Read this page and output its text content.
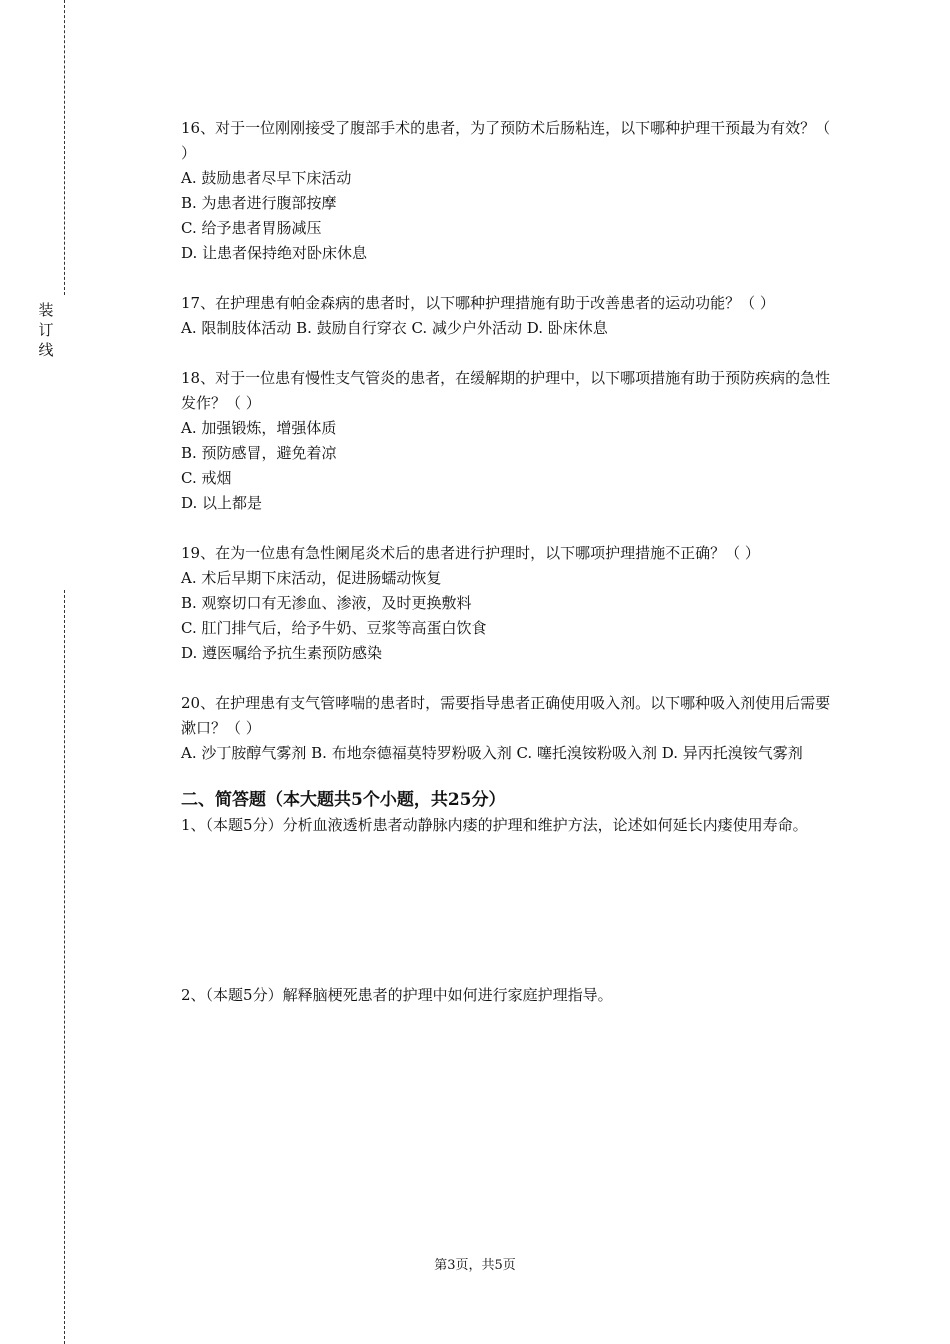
装
订
线
16、对于一位刚刚接受了腹部手术的患者，为了预防术后肠粘连，以下哪种护理干预最为有效？（ ）
A. 鼓励患者尽早下床活动
B. 为患者进行腹部按摩
C. 给予患者胃肠减压
D. 让患者保持绝对卧床休息
17、在护理患有帕金森病的患者时，以下哪种护理措施有助于改善患者的运动功能？（ ）
A. 限制肢体活动 B. 鼓励自行穿衣 C. 减少户外活动 D. 卧床休息
18、对于一位患有慢性支气管炎的患者，在缓解期的护理中，以下哪项措施有助于预防疾病的急性发作？（ ）
A. 加强锻炼，增强体质
B. 预防感冒，避免着凉
C. 戒烟
D. 以上都是
19、在为一位患有急性阑尾炎术后的患者进行护理时，以下哪项护理措施不正确？（ ）
A. 术后早期下床活动，促进肠蠕动恢复
B. 观察切口有无渗血、渗液，及时更换敷料
C. 肛门排气后，给予牛奶、豆浆等高蛋白饮食
D. 遵医嘱给予抗生素预防感染
20、在护理患有支气管哮喘的患者时，需要指导患者正确使用吸入剂。以下哪种吸入剂使用后需要漱口？（ ）
A. 沙丁胺醇气雾剂 B. 布地奈德福莫特罗粉吸入剂 C. 噻托溴铵粉吸入剂 D. 异丙托溴铵气雾剂
二、简答题（本大题共5个小题，共25分）
1、（本题5分）分析血液透析患者动静脉内瘘的护理和维护方法，论述如何延长内瘘使用寿命。
2、（本题5分）解释脑梗死患者的护理中如何进行家庭护理指导。
第3页，共5页
